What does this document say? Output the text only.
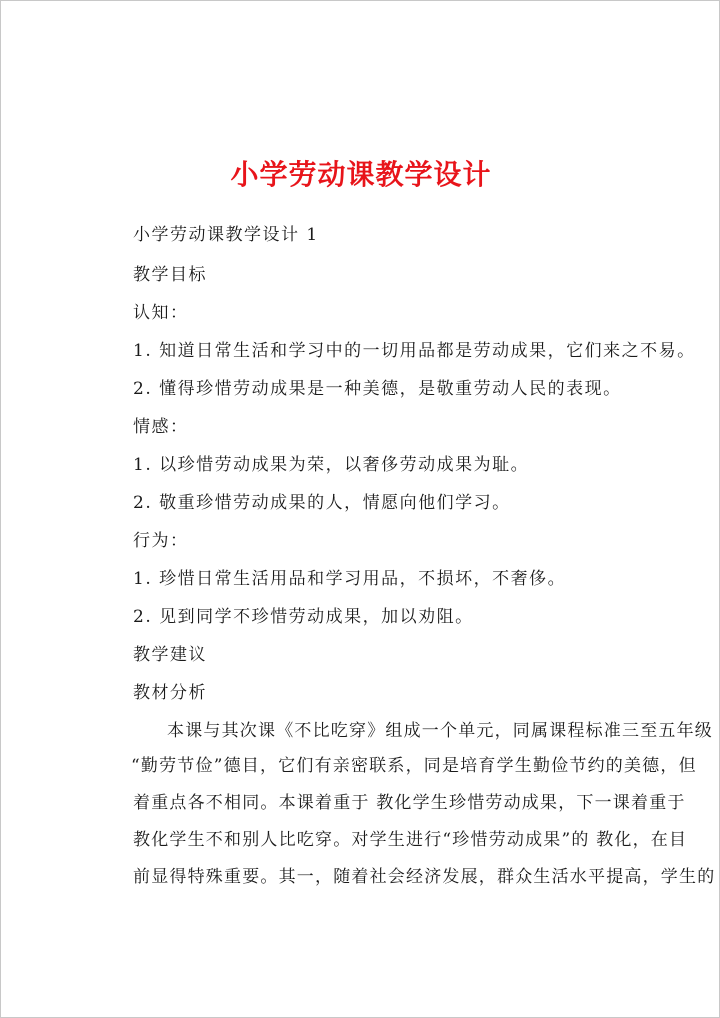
小学劳动课教学设计
小学劳动课教学设计 1
教学目标
认知：
1. 知道日常生活和学习中的一切用品都是劳动成果，它们来之不易。
2. 懂得珍惜劳动成果是一种美德，是敬重劳动人民的表现。
情感：
1. 以珍惜劳动成果为荣，以奢侈劳动成果为耻。
2. 敬重珍惜劳动成果的人，情愿向他们学习。
行为：
1. 珍惜日常生活用品和学习用品，不损坏，不奢侈。
2. 见到同学不珍惜劳动成果，加以劝阻。
教学建议
教材分析
本课与其次课《不比吃穿》组成一个单元，同属课程标准三至五年级
“勤劳节俭”德目，它们有亲密联系，同是培育学生勤俭节约的美德，但
着重点各不相同。本课着重于 教化学生珍惜劳动成果，下一课着重于
教化学生不和别人比吃穿。对学生进行“珍惜劳动成果”的 教化，在目
前显得特殊重要。其一，随着社会经济发展，群众生活水平提高，学生的
